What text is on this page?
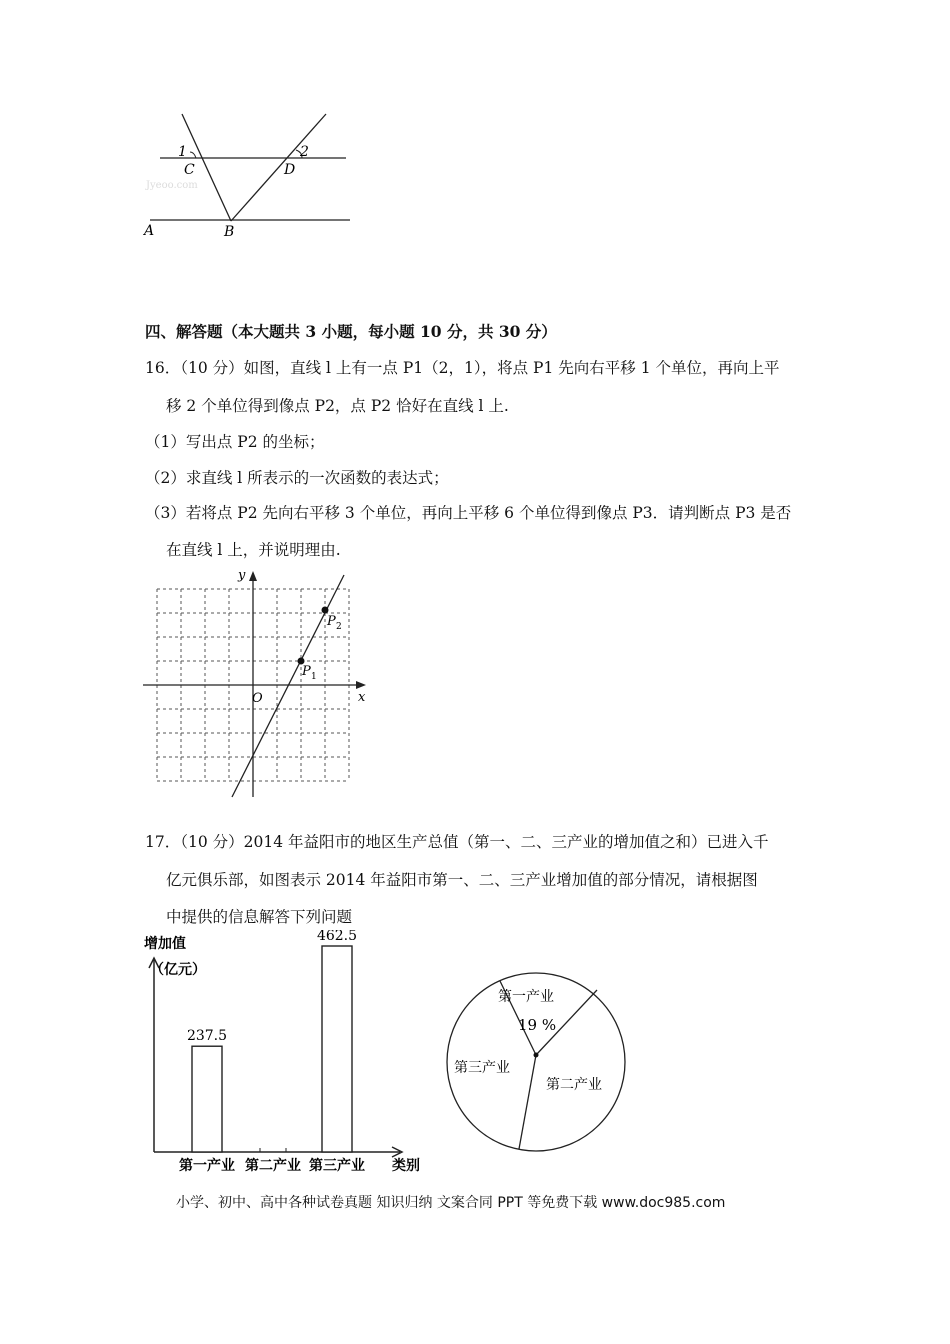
1	2
C	D
Jyeoo.com
A	B
四、解答题（本大题共 3 小题，每小题 10 分，共 30 分）
16．（10 分）如图，直线 l 上有一点 P1（2，1），将点 P1 先向右平移 1 个单位，再向上平
移 2 个单位得到像点 P2，点 P2 恰好在直线 l 上.
（1）写出点 P2 的坐标；
（2）求直线 l 所表示的一次函数的表达式；
（3）若将点 P2 先向右平移 3 个单位，再向上平移 6 个单位得到像点 P3．请判断点 P3 是否
在直线 l 上，并说明理由.
y
x
O
P 1
P 2
17．（10 分）2014 年益阳市的地区生产总值（第一、二、三产业的增加值之和）已进入千
亿元俱乐部，如图表示 2014 年益阳市第一、二、三产业增加值的部分情况，请根据图
中提供的信息解答下列问题
增加值
（亿元）
237.5
第一产业 第二产业
462.5
第三产业 类别
第一产业
19 %
第三产业
第二产业
小学、初中、高中各种试卷真题 知识归纳 文案合同 PPT 等免费下载 www.doc985.com
